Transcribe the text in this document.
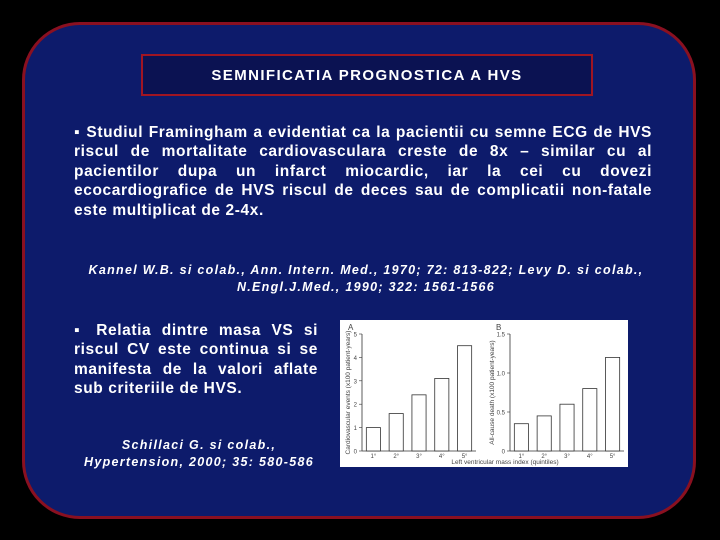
SEMNIFICATIA PROGNOSTICA A HVS
▪ Studiul Framingham a evidentiat ca la pacientii cu semne ECG de HVS riscul de mortalitate cardiovasculara creste de 8x – similar cu al pacientilor dupa un infarct miocardic, iar la cei cu dovezi ecocardiografice de HVS riscul de deces sau de complicatii non-fatale este multiplicat de 2-4x.
Kannel W.B. si colab., Ann. Intern. Med., 1970; 72: 813-822; Levy D. si colab., N.Engl.J.Med., 1990; 322: 1561-1566
▪ Relatia dintre masa VS si riscul CV este continua si se manifesta de la valori aflate sub criteriile de HVS.
Schillaci G. si colab., Hypertension, 2000; 35: 580-586
A
0
1
2
3
4
5
Cardiovascular events (x100 patient-years)
1°	2°	3°	4°	5°
B
0
0.5
1.0
1.5
All-cause death (x100 patient-years)
1°	2°	3°	4°	5°
Left ventricular mass index (quintiles)
